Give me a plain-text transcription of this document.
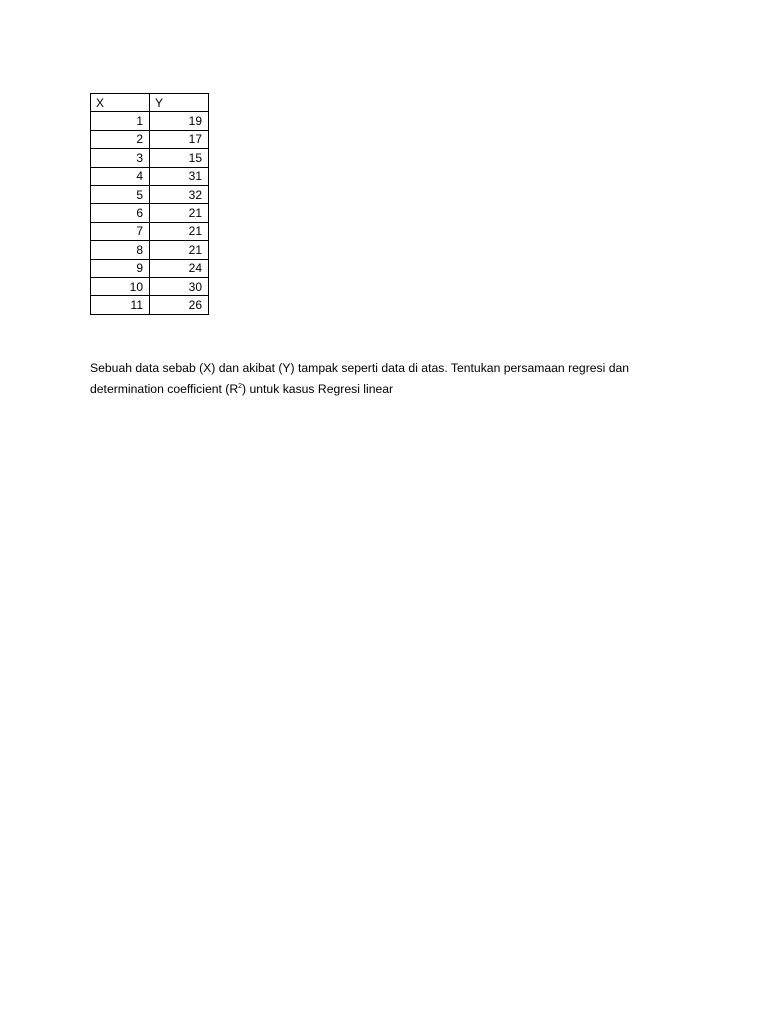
X	Y
1	19
2	17
3	15
4	31
5	32
6	21
7	21
8	21
9	24
10	30
11	26

Sebuah data sebab (X) dan akibat (Y) tampak seperti data di atas. Tentukan persamaan regresi dan
determination coefficient $(R^2)$ untuk kasus Regresi linear
